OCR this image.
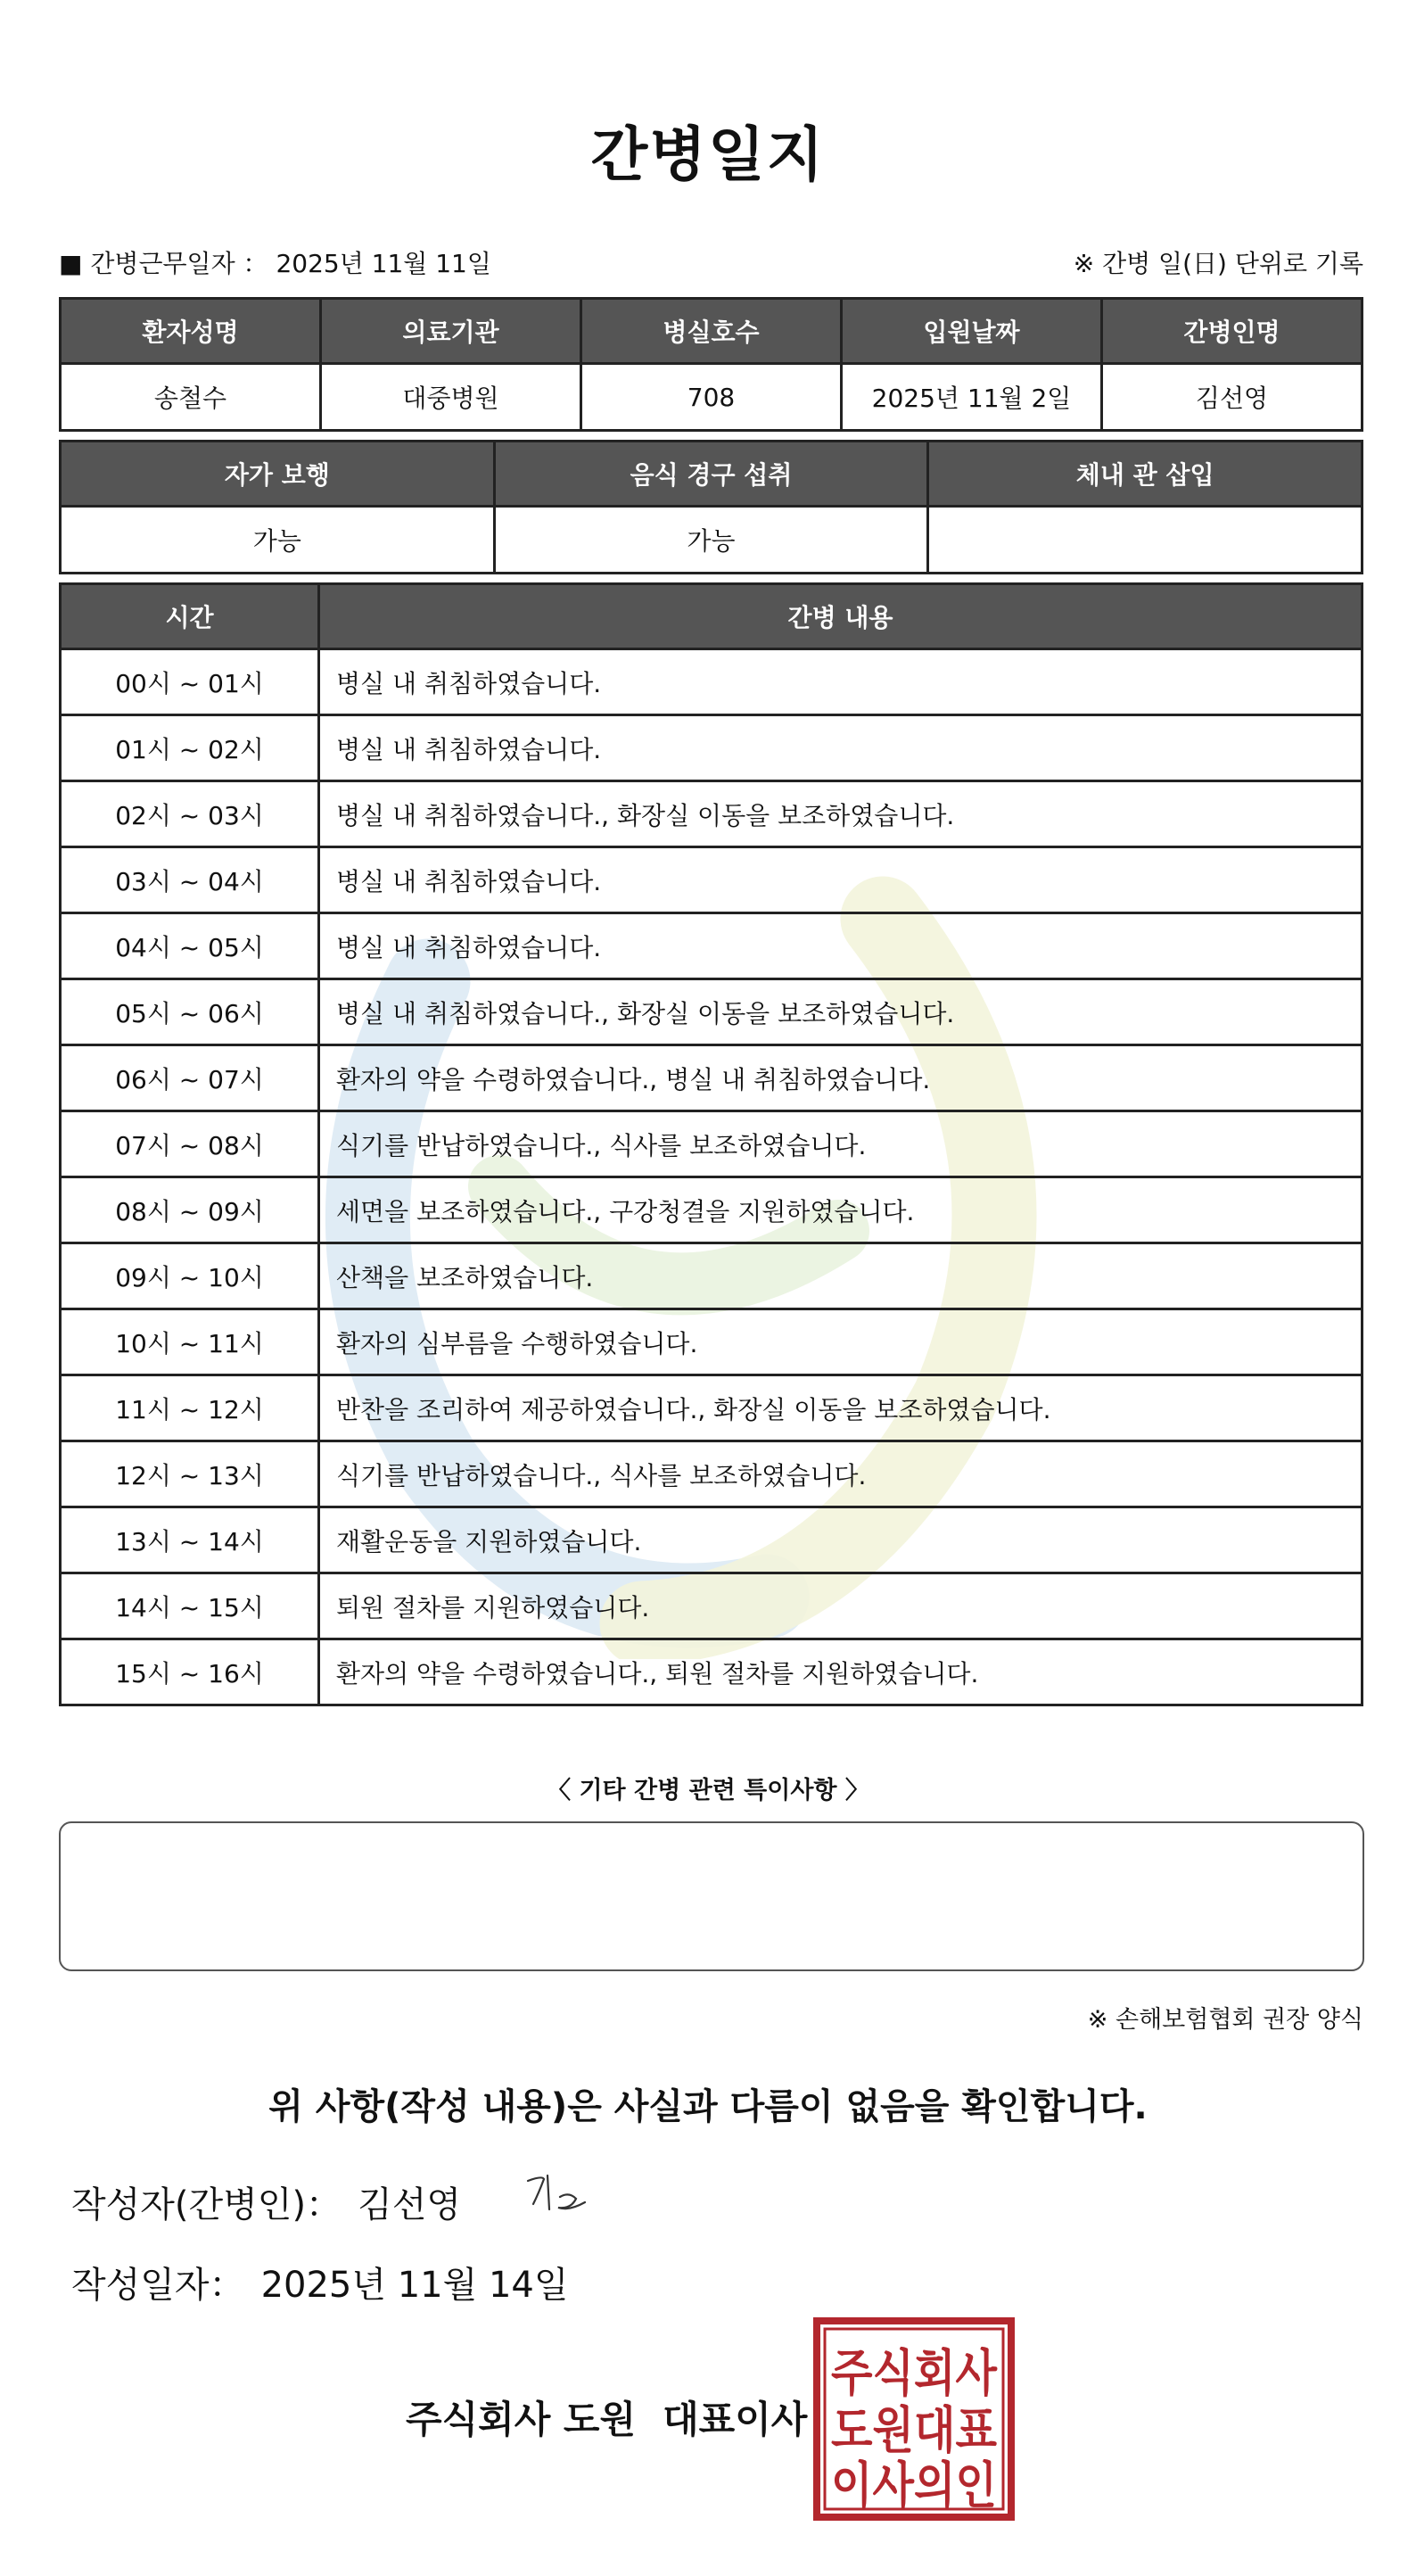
간병일지
■ 간병근무일자 ： 2025년 11월 11일	※ 간병 일(日) 단위로 기록
환자성명	의료기관	병실호수	입원날짜	간병인명
송철수	대중병원	708	2025년 11월 2일	김선영
자가 보행	음식 경구 섭취	체내 관 삽입
가능	가능	
시간	간병 내용
00시 ~ 01시	병실 내 취침하였습니다.
01시 ~ 02시	병실 내 취침하였습니다.
02시 ~ 03시	병실 내 취침하였습니다., 화장실 이동을 보조하였습니다.
03시 ~ 04시	병실 내 취침하였습니다.
04시 ~ 05시	병실 내 취침하였습니다.
05시 ~ 06시	병실 내 취침하였습니다., 화장실 이동을 보조하였습니다.
06시 ~ 07시	환자의 약을 수령하였습니다., 병실 내 취침하였습니다.
07시 ~ 08시	식기를 반납하였습니다., 식사를 보조하였습니다.
08시 ~ 09시	세면을 보조하였습니다., 구강청결을 지원하였습니다.
09시 ~ 10시	산책을 보조하였습니다.
10시 ~ 11시	환자의 심부름을 수행하였습니다.
11시 ~ 12시	반찬을 조리하여 제공하였습니다., 화장실 이동을 보조하였습니다.
12시 ~ 13시	식기를 반납하였습니다., 식사를 보조하였습니다.
13시 ~ 14시	재활운동을 지원하였습니다.
14시 ~ 15시	퇴원 절차를 지원하였습니다.
15시 ~ 16시	환자의 약을 수령하였습니다., 퇴원 절차를 지원하였습니다.
〈 기타 간병 관련 특이사항 〉
※ 손해보험협회 권장 양식
위 사항(작성 내용)은 사실과 다름이 없음을 확인합니다.
작성자(간병인)： 김선영
작성일자： 2025년 11월 14일
주식회사 도원 대표이사
주식회사
도원대표
이사의인
